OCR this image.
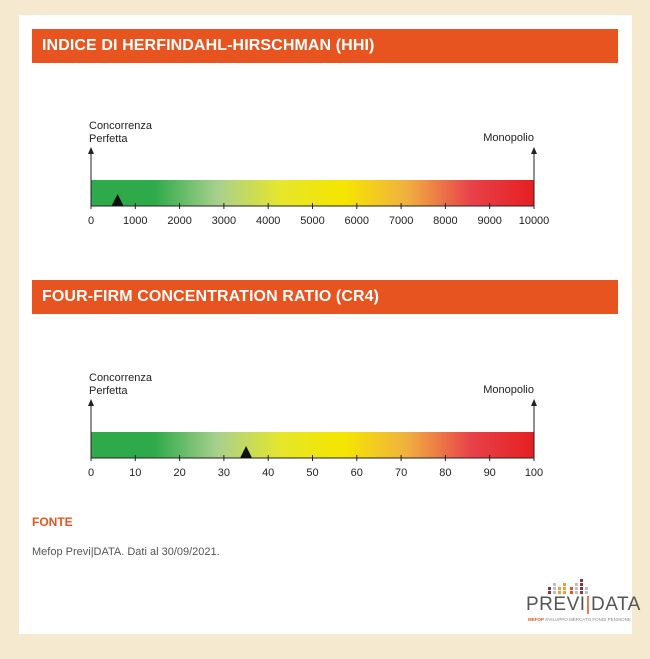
INDICE DI HERFINDAHL-HIRSCHMAN (HHI)
Concorrenza Perfetta	Monopolio
0	1000 2000 3000 4000 5000 6000 7000 8000 9000 10000
FOUR-FIRM CONCENTRATION RATIO (CR4)
Concorrenza Perfetta	Monopolio
0	10	20	30	40	50	60	70	80	90	100
FONTE
Mefop Previ|DATA. Dati al 30/09/2021.
PREVI|DATA
MEFOP SVILUPPO MERCATO FONDI PENSIONE
